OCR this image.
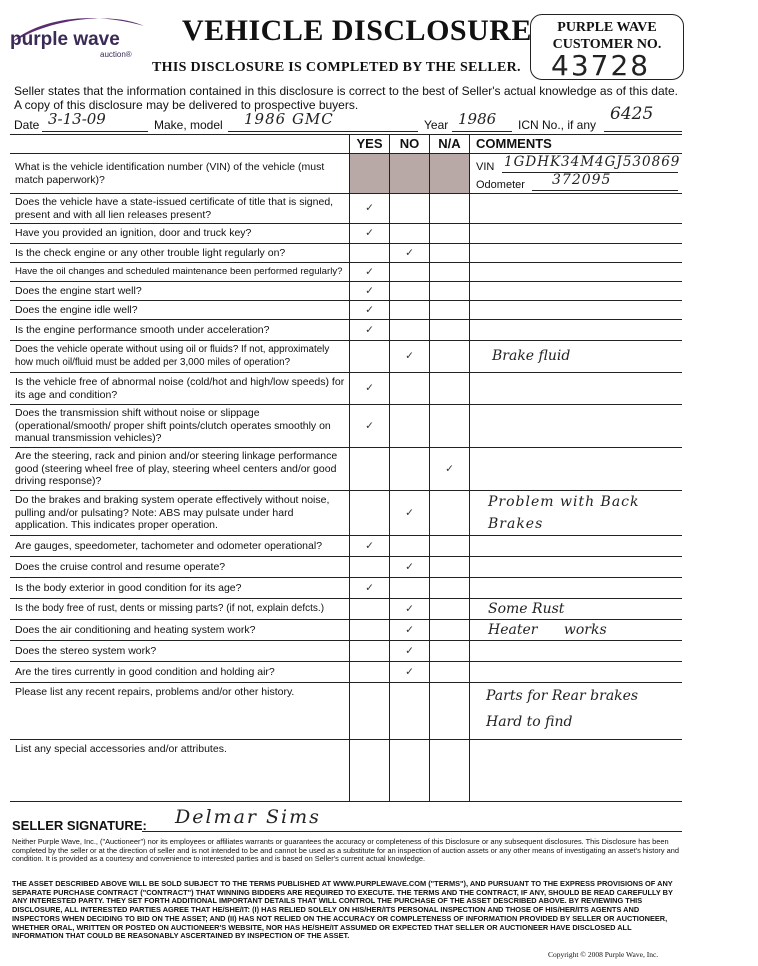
purple wave
auction®
VEHICLE DISCLOSURE
THIS DISCLOSURE IS COMPLETED BY THE SELLER.
PURPLE WAVE
CUSTOMER NO.
43728
Seller states that the information contained in this disclosure is correct to the best of Seller's actual knowledge as of this date.
A copy of this disclosure may be delivered to prospective buyers.
Date 3-13-09	Make, model 1986 GMC	Year 1986 ICN No., if any
6425
	YES	NO	N/A	COMMENTS
What is the vehicle identification number (VIN) of the vehicle (must match paperwork)?				VIN 1GDHK34M4GJ530869
Odometer 372095

Does the vehicle have a state-issued certificate of title that is signed, present and with all lien releases present?	✓			
Have you provided an ignition, door and truck key?	✓			
Is the check engine or any other trouble light regularly on?		✓		
Have the oil changes and scheduled maintenance been performed regularly?	✓			
Does the engine start well?	✓			
Does the engine idle well?	✓			
Is the engine performance smooth under acceleration?	✓			
Does the vehicle operate without using oil or fluids? If not, approximately how much oil/fluid must be added per 3,000 miles of operation?		✓		Brake fluid
Is the vehicle free of abnormal noise (cold/hot and high/low speeds) for its age and condition?	✓			
Does the transmission shift without noise or slippage (operational/smooth/ proper shift points/clutch operates smoothly on manual transmission vehicles)?	✓			
Are the steering, rack and pinion and/or steering linkage performance good (steering wheel free of play, steering wheel centers and/or good driving response)?			✓	
Do the brakes and braking system operate effectively without noise, pulling and/or pulsating? Note: ABS may pulsate under hard application. This indicates proper operation.		✓		Problem with Back Brakes
Are gauges, speedometer, tachometer and odometer operational?	✓			
Does the cruise control and resume operate?		✓		
Is the body exterior in good condition for its age?	✓			
Is the body free of rust, dents or missing parts? (if not, explain defcts.)		✓		Some Rust
Does the air conditioning and heating system work?		✓		Heater works
Does the stereo system work?		✓		
Are the tires currently in good condition and holding air?		✓		
Please list any recent repairs, problems and/or other history.				Parts for Rear brakes Hard to find
List any special accessories and/or attributes.				
SELLER SIGNATURE: Delmar Sims
Neither Purple Wave, Inc., ("Auctioneer") nor its employees or affiliates warrants or guarantees the accuracy or completeness of this Disclosure or any subsequent disclosures. This Disclosure has been completed by the seller or at the direction of seller and is not intended to be and cannot be used as a substitute for an inspection of auction assets or any other means of investigating an asset's history and condition. It is provided as a courtesy and convenience to interested parties and is based on Seller's current actual knowledge.
THE ASSET DESCRIBED ABOVE WILL BE SOLD SUBJECT TO THE TERMS PUBLISHED AT WWW.PURPLEWAVE.COM ("TERMS"), AND PURSUANT TO THE EXPRESS PROVISIONS OF ANY SEPARATE PURCHASE CONTRACT ("CONTRACT") THAT WINNING BIDDERS ARE REQUIRED TO EXECUTE. THE TERMS AND THE CONTRACT, IF ANY, SHOULD BE READ CAREFULLY BY ANY INTERESTED PARTY. THEY SET FORTH ADDITIONAL IMPORTANT DETAILS THAT WILL CONTROL THE PURCHASE OF THE ASSET DESCRIBED ABOVE. BY REVIEWING THIS DISCLOSURE, ALL INTERESTED PARTIES AGREE THAT HE/SHE/IT: (I) HAS RELIED SOLELY ON HIS/HER/ITS PERSONAL INSPECTION AND THOSE OF HIS/HER/ITS AGENTS AND INSPECTORS WHEN DECIDING TO BID ON THE ASSET; AND (II) HAS NOT RELIED ON THE ACCURACY OR COMPLETENESS OF INFORMATION PROVIDED BY SELLER OR AUCTIONEER, WHETHER ORAL, WRITTEN OR POSTED ON AUCTIONEER'S WEBSITE, NOR HAS HE/SHE/IT ASSUMED OR EXPECTED THAT SELLER OR AUCTIONEER HAVE DISCLOSED ALL INFORMATION THAT COULD BE REASONABLY ASCERTAINED BY INSPECTION OF THE ASSET.
Copyright © 2008 Purple Wave, Inc.
